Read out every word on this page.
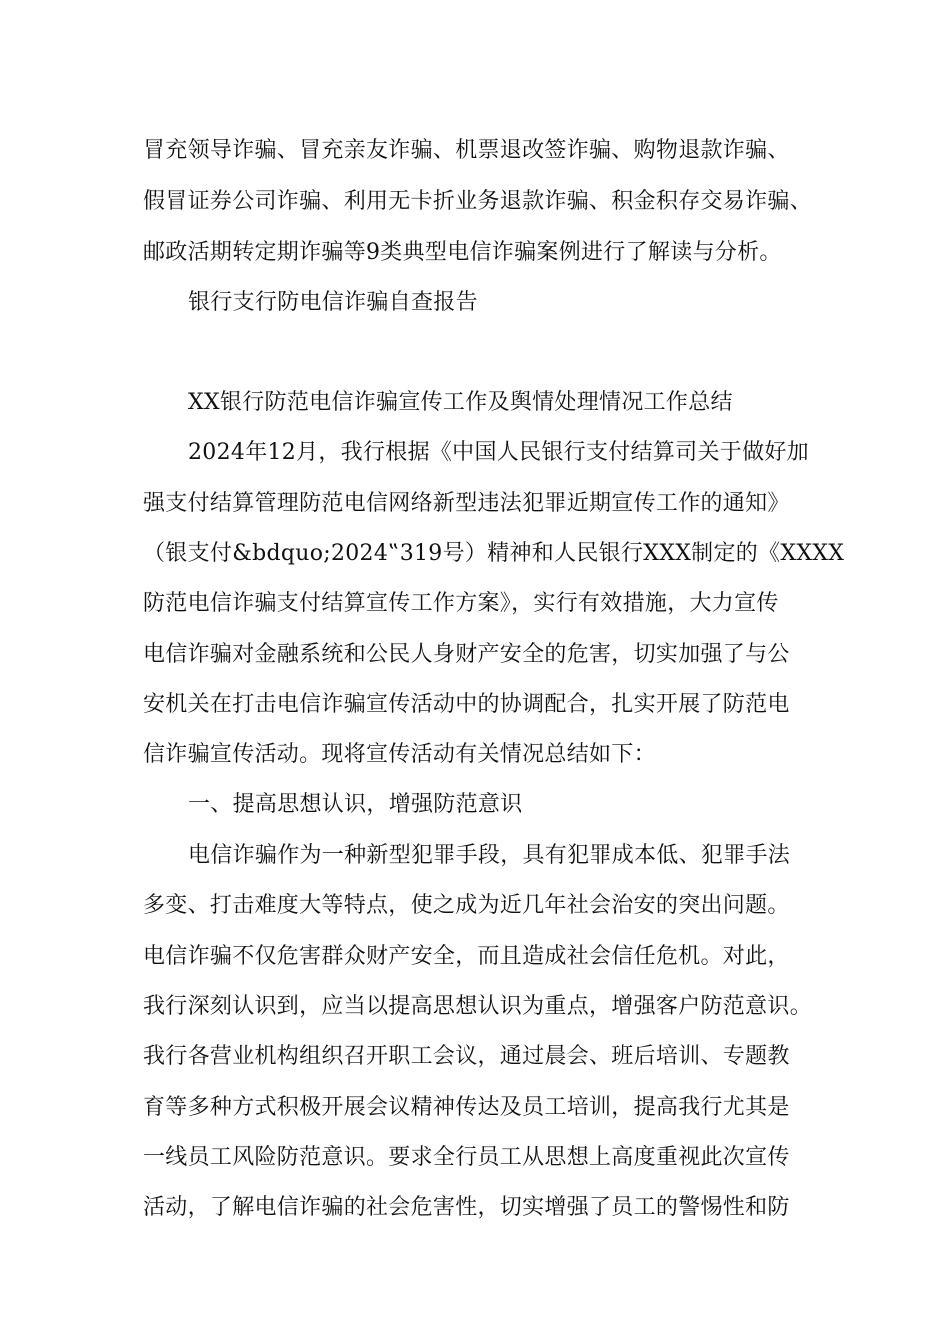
冒充领导诈骗、冒充亲友诈骗、机票退改签诈骗、购物退款诈骗、
假冒证券公司诈骗、利用无卡折业务退款诈骗、积金积存交易诈骗、
邮政活期转定期诈骗等9类典型电信诈骗案例进行了解读与分析。
银行支行防电信诈骗自查报告
XX银行防范电信诈骗宣传工作及舆情处理情况工作总结
2024年12月，我行根据《中国人民银行支付结算司关于做好加
强支付结算管理防范电信网络新型违法犯罪近期宣传工作的通知》
（银支付&bdquo;2024‟319号）精神和人民银行XXX制定的《XXXX
防范电信诈骗支付结算宣传工作方案》，实行有效措施，大力宣传
电信诈骗对金融系统和公民人身财产安全的危害，切实加强了与公
安机关在打击电信诈骗宣传活动中的协调配合，扎实开展了防范电
信诈骗宣传活动。现将宣传活动有关情况总结如下：
一、提高思想认识，增强防范意识
电信诈骗作为一种新型犯罪手段，具有犯罪成本低、犯罪手法
多变、打击难度大等特点，使之成为近几年社会治安的突出问题。
电信诈骗不仅危害群众财产安全，而且造成社会信任危机。对此，
我行深刻认识到，应当以提高思想认识为重点，增强客户防范意识。
我行各营业机构组织召开职工会议，通过晨会、班后培训、专题教
育等多种方式积极开展会议精神传达及员工培训，提高我行尤其是
一线员工风险防范意识。要求全行员工从思想上高度重视此次宣传
活动，了解电信诈骗的社会危害性，切实增强了员工的警惕性和防
